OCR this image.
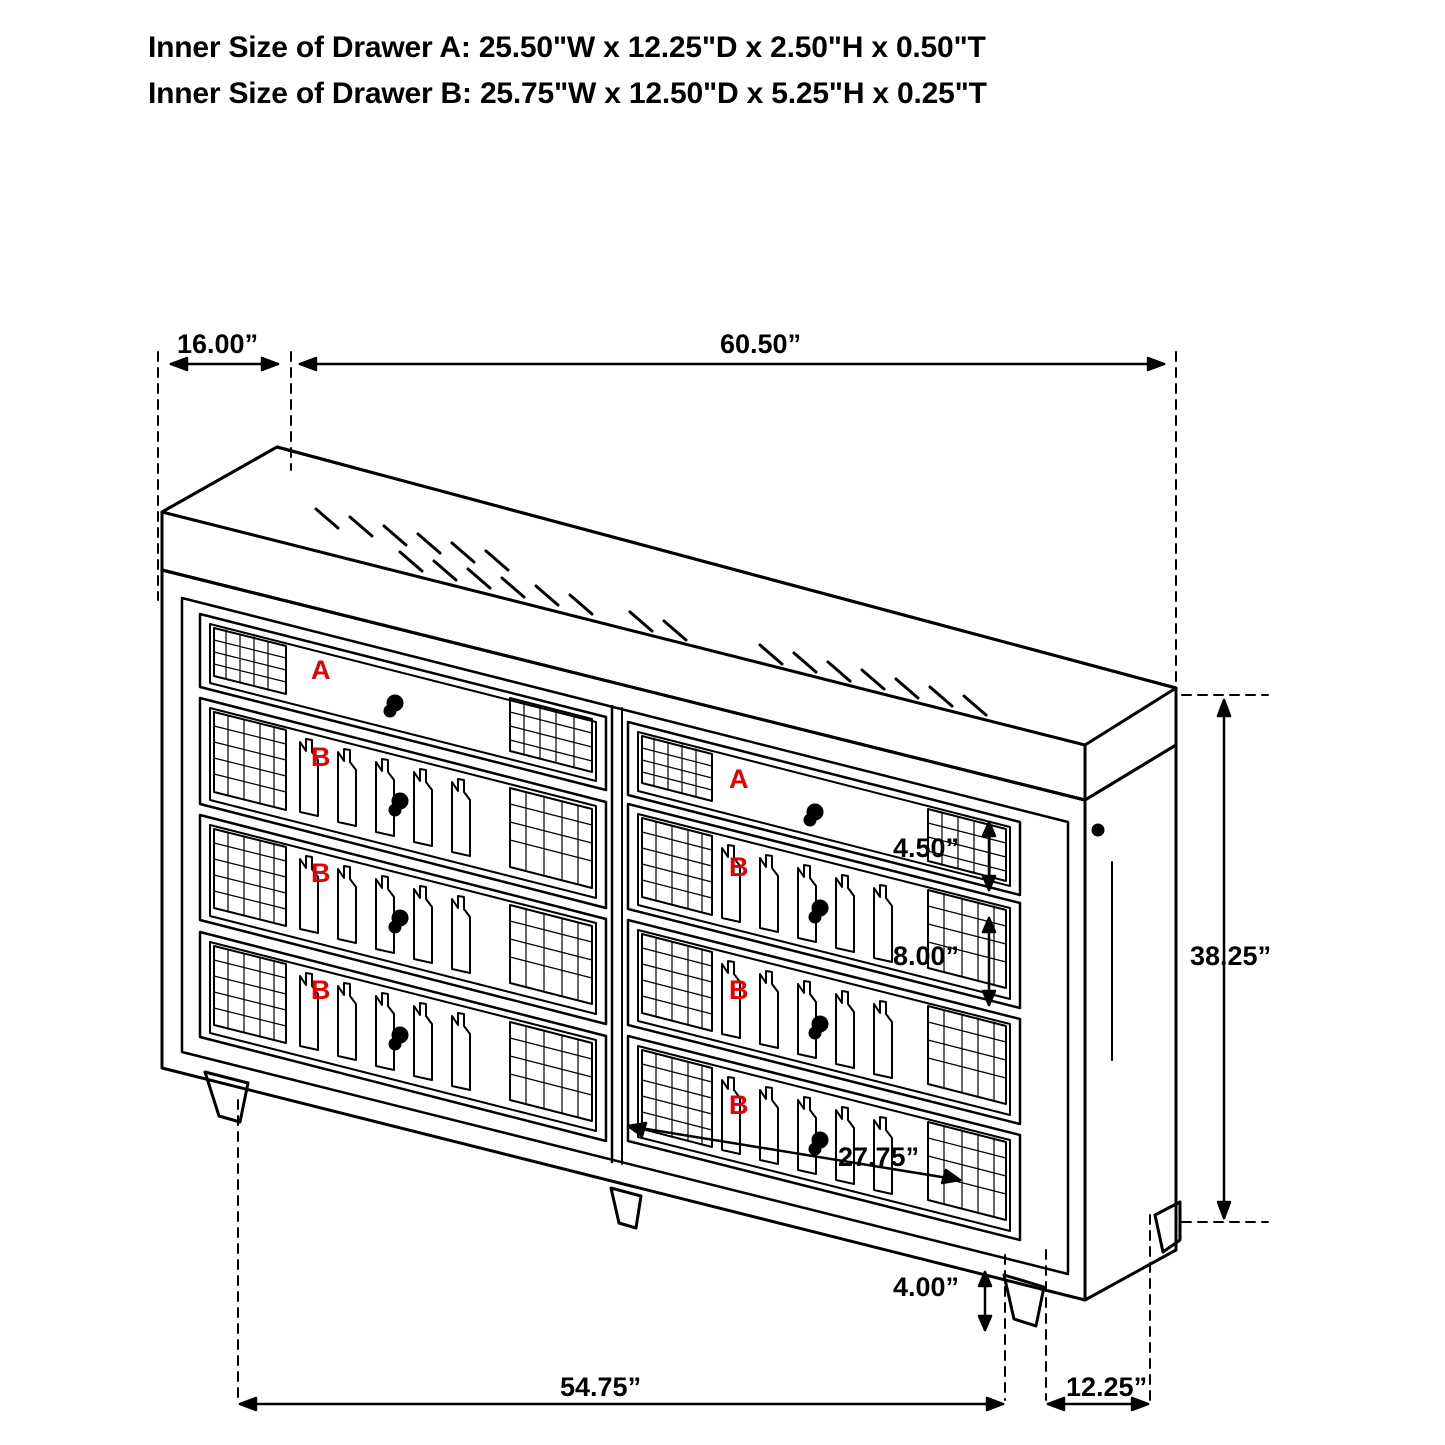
Inner Size of Drawer A: 25.50"W x 12.25"D x 2.50"H x 0.50"T
Inner Size of Drawer B: 25.75"W x 12.50"D x 5.25"H x 0.25"T
16.00”	60.50”
38.25”
4.50”
8.00”
27.75”
4.00”
54.75”	12.25”
A
B
B
B
A
B
B
B
